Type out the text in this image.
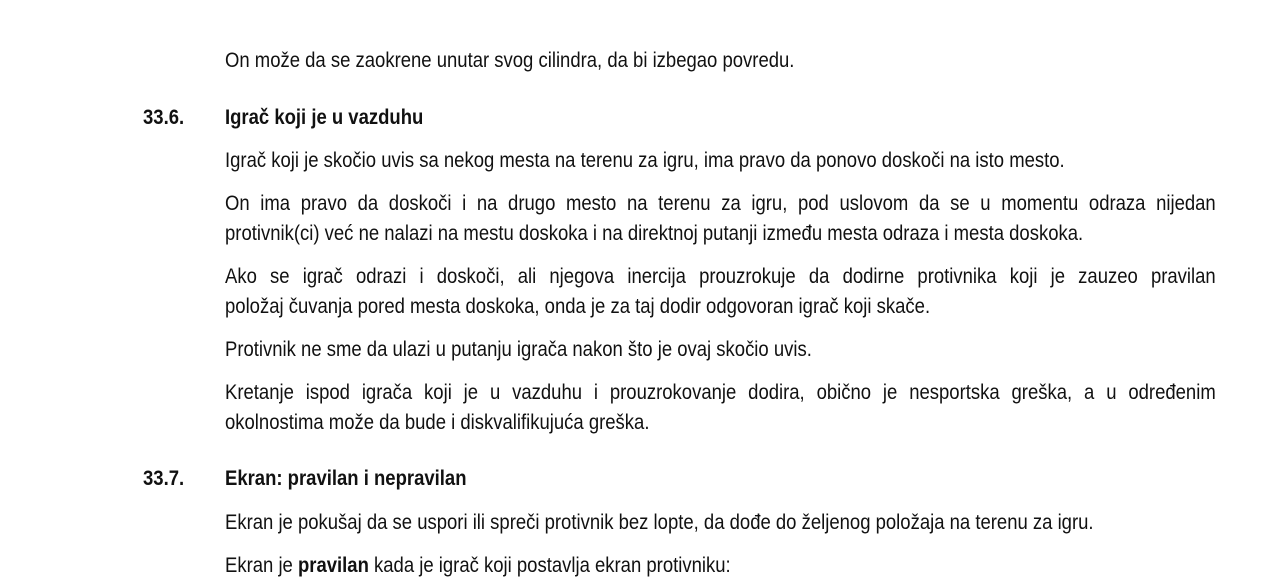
On može da se zaokrene unutar svog cilindra, da bi izbegao povredu.
33.6. Igrač koji je u vazduhu
Igrač koji je skočio uvis sa nekog mesta na terenu za igru, ima pravo da ponovo doskoči na isto mesto.
On ima pravo da doskoči i na drugo mesto na terenu za igru, pod uslovom da se u momentu odraza nijedan
protivnik(ci) već ne nalazi na mestu doskoka i na direktnoj putanji između mesta odraza i mesta doskoka.
Ako se igrač odrazi i doskoči, ali njegova inercija prouzrokuje da dodirne protivnika koji je zauzeo pravilan
položaj čuvanja pored mesta doskoka, onda je za taj dodir odgovoran igrač koji skače.
Protivnik ne sme da ulazi u putanju igrača nakon što je ovaj skočio uvis.
Kretanje ispod igrača koji je u vazduhu i prouzrokovanje dodira, obično je nesportska greška, a u određenim
okolnostima može da bude i diskvalifikujuća greška.
33.7. Ekran: pravilan i nepravilan
Ekran je pokušaj da se uspori ili spreči protivnik bez lopte, da dođe do željenog položaja na terenu za igru.
Ekran je pravilan kada je igrač koji postavlja ekran protivniku:
